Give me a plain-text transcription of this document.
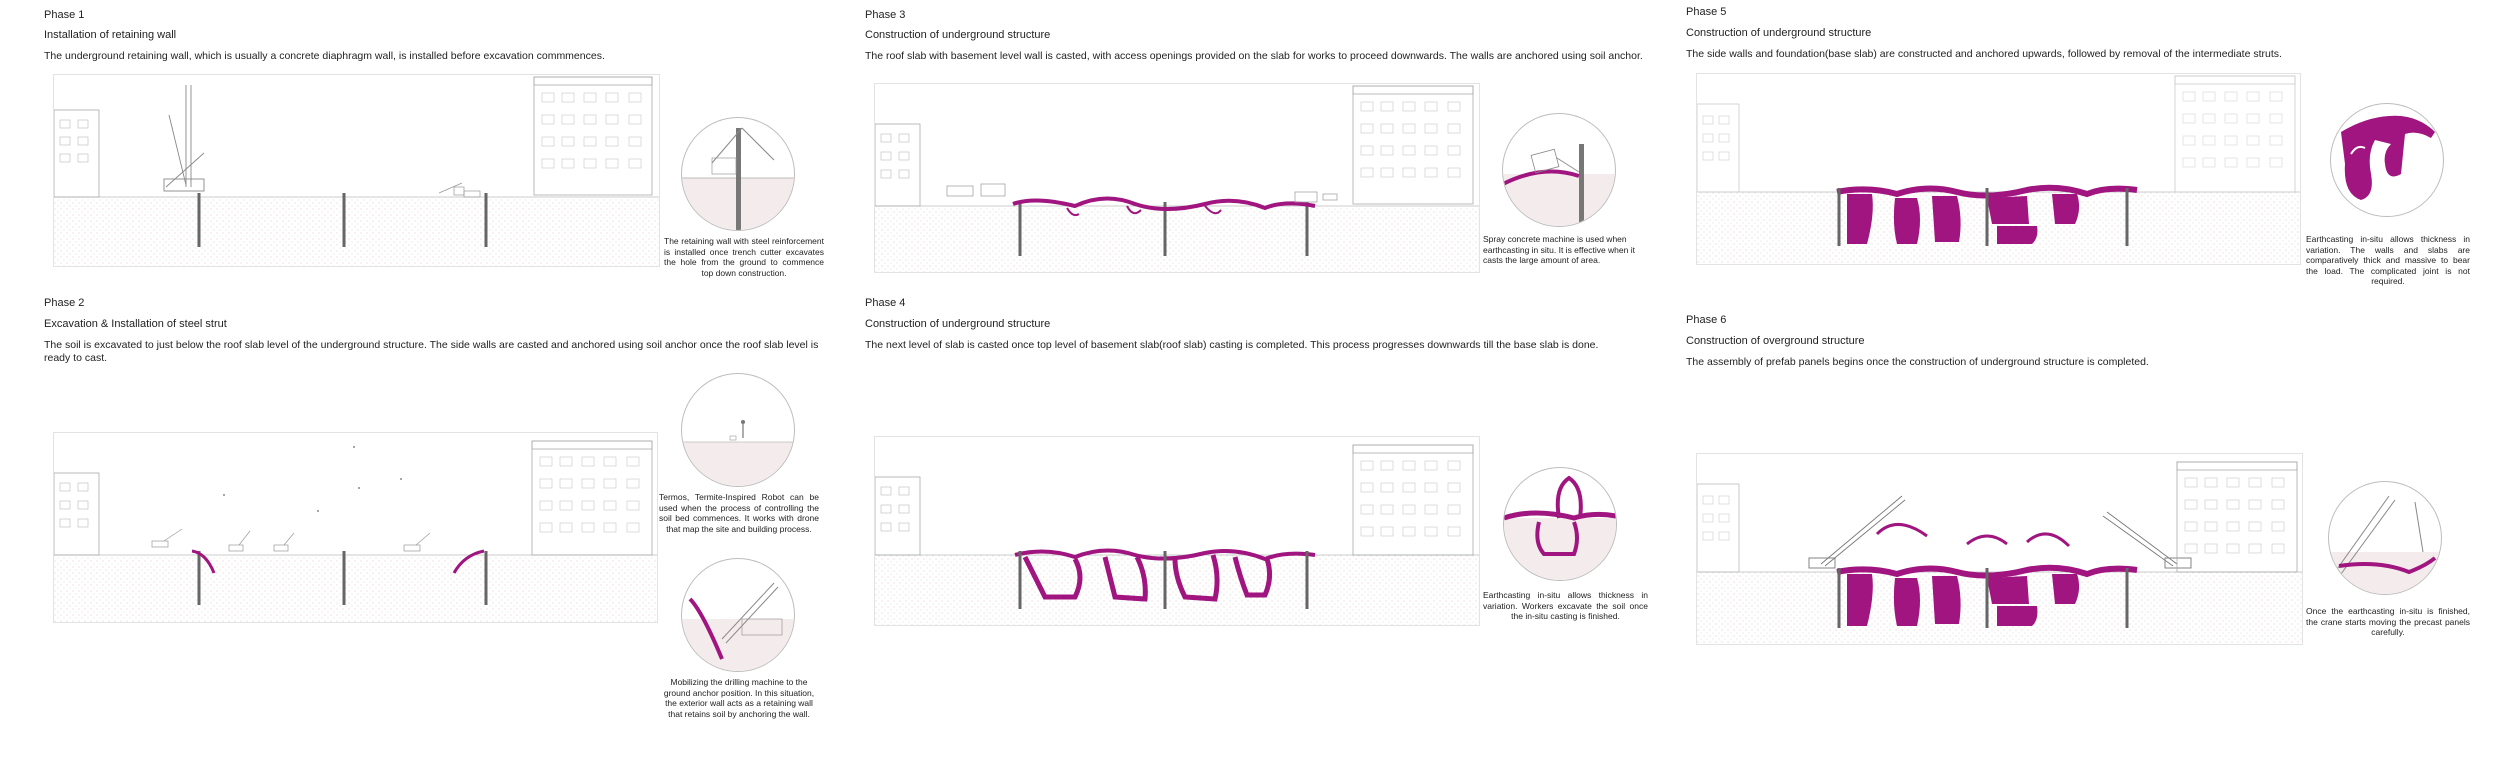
Phase 1
Installation of retaining wall
The underground retaining wall, which is usually a concrete diaphragm wall, is installed before excavation commmences.
The retaining wall with steel reinforcement is installed once trench cutter excavates the hole from the ground to commence top down construction.
Phase 2
Excavation & Installation of steel strut
The soil is excavated to just below the roof slab level of the underground structure. The side walls are casted and anchored using soil anchor once the roof slab level is ready to cast.
Termos, Termite-Inspired Robot can be used when the process of controlling the soil bed commences. It works with drone that map the site and building process.
Mobilizing the drilling machine to the ground anchor position. In this situation, the exterior wall acts as a retaining wall that retains soil by anchoring the wall.
Phase 3
Construction of underground structure
The roof slab with basement level wall is casted, with access openings provided on the slab for works to proceed downwards. The walls are anchored using soil anchor.
Spray concrete machine is used when earthcasting in situ. It is effective when it casts the large amount of area.
Phase 4
Construction of underground structure
The next level of slab is casted once top level of basement slab(roof slab) casting is completed. This process progresses downwards till the base slab is done.
Earthcasting in-situ allows thickness in variation. Workers excavate the soil once the in-situ casting is finished.
Phase 5
Construction of underground structure
The side walls and foundation(base slab) are constructed and anchored upwards, followed by removal of the intermediate struts.
Earthcasting in-situ allows thickness in variation. The walls and slabs are comparatively thick and massive to bear the load. The complicated joint is not required.
Phase 6
Construction of overground structure
The assembly of prefab panels begins once the construction of underground structure is completed.
Once the earthcasting in-situ is finished, the crane starts moving the precast panels carefully.
